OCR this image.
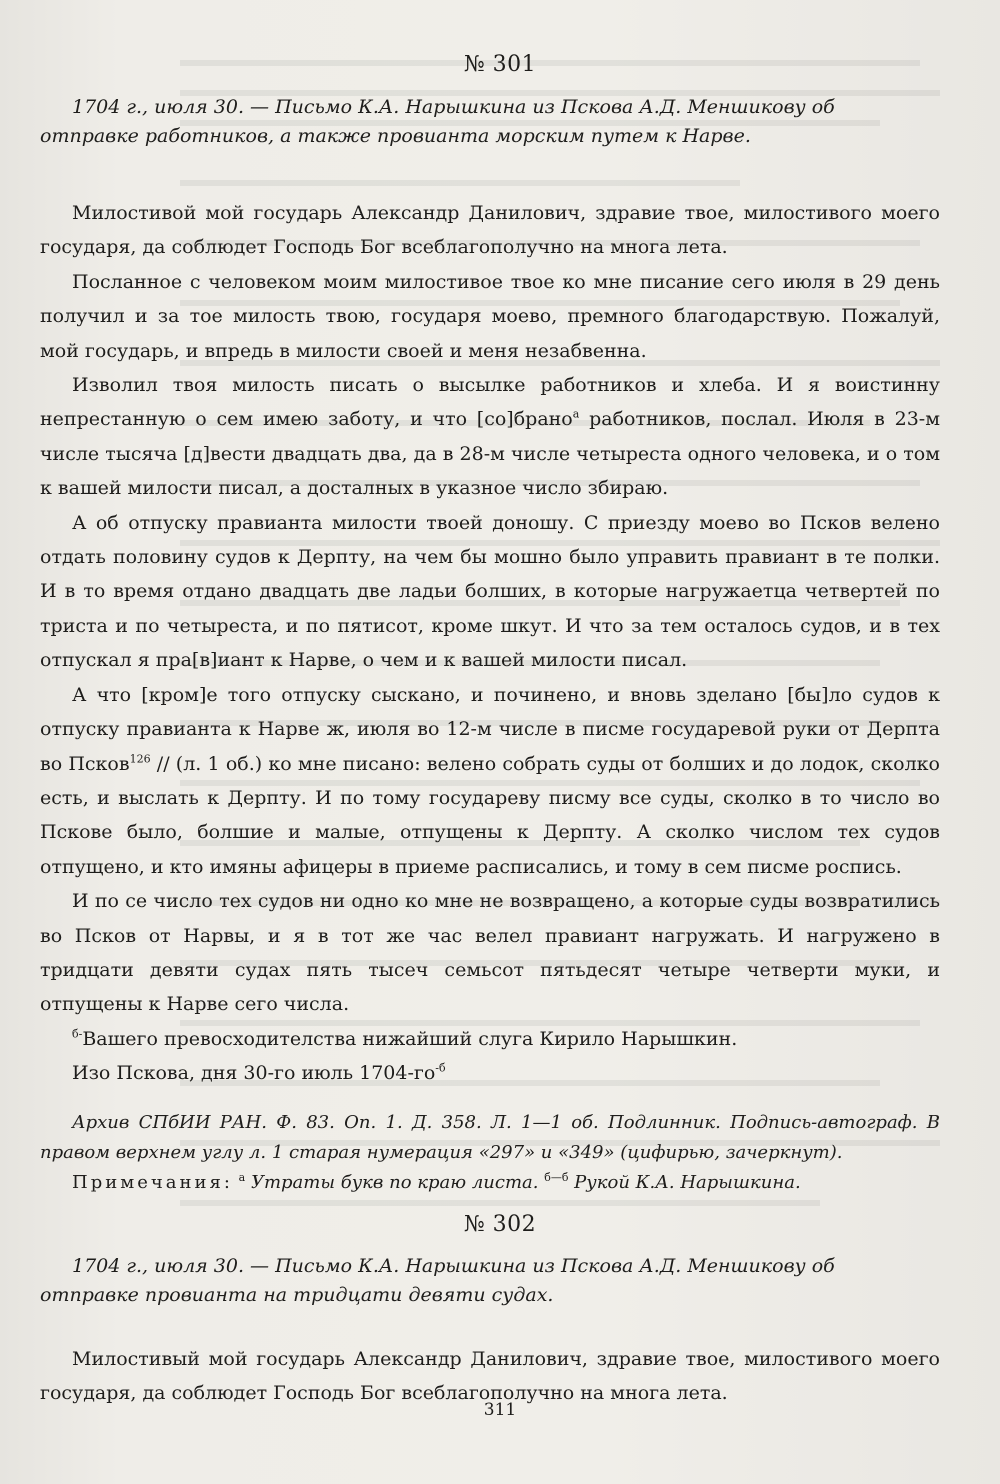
№ 301

1704 г., июля 30. — Письмо К.А. Нарышкина из Пскова А.Д. Меншикову об

отправке работников, а также провианта морским путем к Нарве.

Милостивой мой государь Александр Данилович, здравие твое, милостивого моего государя, да соблюдет Господь Бог всеблагополучно на многа лета.

Посланное с человеком моим милостивое твое ко мне писание сего июля в 29 день получил и за тое милость твою, государя моево, премного благодарствую. Пожалуй, мой государь, и впредь в милости своей и меня незабвенна.

Изволил твоя милость писать о высылке работников и хлеба. И я воистинну непрестанную о сем имею заботу, и что [со]брано$^а$ работников, послал. Июля в 23-м числе тысяча [д]вести двадцать два, да в 28-м числе четыреста одного человека, и о том к вашей милости писал, а досталных в указное число збираю.

А об отпуску правианта милости твоей доношу. С приезду моево во Псков велено отдать половину судов к Дерпту, на чем бы мошно было управить правиант в те полки. И в то время отдано двадцать две ладьи болших, в которые нагружаетца четвертей по триста и по четыреста, и по пятисот, кроме шкут. И что за тем осталось судов, и в тех отпускал я пра[в]иант к Нарве, о чем и к вашей милости писал.

А что [кром]е того отпуску сыскано, и починено, и вновь зделано [бы]ло судов к отпуску правианта к Нарве ж, июля во 12-м числе в писме государевой руки от Дерпта во Псков$^{126}$ // (л. 1 об.) ко мне писано: велено собрать суды от болших и до лодок, сколко есть, и выслать к Дерпту. И по тому государеву писму все суды, сколко в то число во Пскове было, болшие и малые, отпущены к Дерпту. А сколко числом тех судов отпущено, и кто имяны афицеры в приеме расписались, и тому в сем писме роспись.

И по се число тех судов ни одно ко мне не возвращено, а которые суды возвратились во Псков от Нарвы, и я в тот же час велел правиант нагружать. И нагружено в тридцати девяти судах пять тысеч семьсот пятьдесят четыре четверти муки, и отпущены к Нарве сего числа.

$^{б-}$Вашего превосходителства нижайший слуга Кирило Нарышкин.

Изо Пскова, дня 30-го июль 1704-го$^{-б}$

Архив СПбИИ РАН. Ф. 83. Оп. 1. Д. 358. Л. 1—1 об. Подлинник. Подпись-автограф. В правом верхнем углу л. 1 старая нумерация «297» и «349» (цифирью, зачеркнут).

Примечания: $^а$ Утраты букв по краю листа. $^{б—б}$ Рукой К.А. Нарышкина.

№ 302

1704 г., июля 30. — Письмо К.А. Нарышкина из Пскова А.Д. Меншикову об

отправке провианта на тридцати девяти судах.

Милостивый мой государь Александр Данилович, здравие твое, милостивого моего государя, да соблюдет Господь Бог всеблагополучно на многа лета.

311
